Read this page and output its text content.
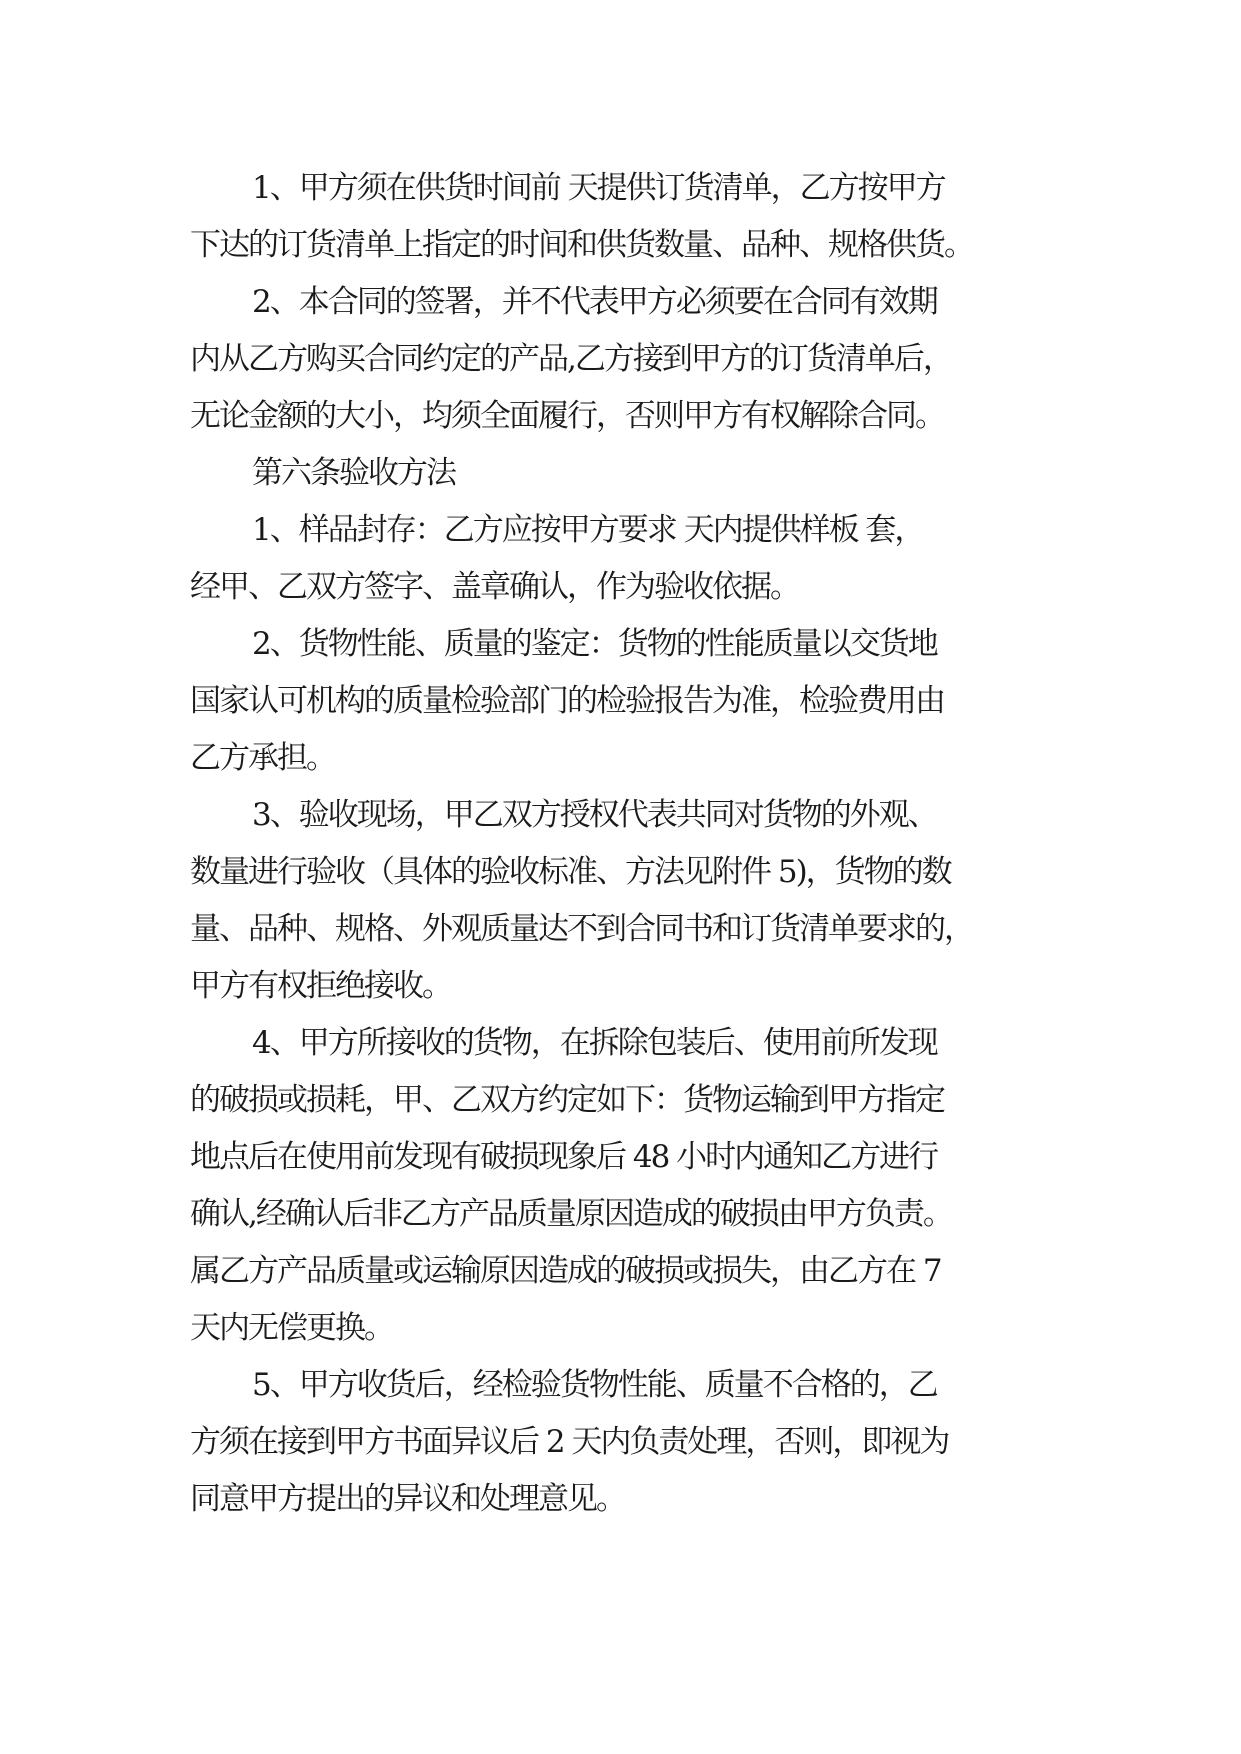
1、甲方须在供货时间前 天提供订货清单，乙方按甲方
下达的订货清单上指定的时间和供货数量、品种、规格供货。
2、本合同的签署，并不代表甲方必须要在合同有效期
内从乙方购买合同约定的产品,乙方接到甲方的订货清单后，
无论金额的大小，均须全面履行，否则甲方有权解除合同。
第六条验收方法
1、样品封存：乙方应按甲方要求 天内提供样板 套，
经甲、乙双方签字、盖章确认，作为验收依据。
2、货物性能、质量的鉴定：货物的性能质量以交货地
国家认可机构的质量检验部门的检验报告为准，检验费用由
乙方承担。
3、验收现场，甲乙双方授权代表共同对货物的外观、
数量进行验收（具体的验收标准、方法见附件 5)，货物的数
量、品种、规格、外观质量达不到合同书和订货清单要求的，
甲方有权拒绝接收。
4、甲方所接收的货物，在拆除包装后、使用前所发现
的破损或损耗，甲、乙双方约定如下：货物运输到甲方指定
地点后在使用前发现有破损现象后 48 小时内通知乙方进行
确认,经确认后非乙方产品质量原因造成的破损由甲方负责。
属乙方产品质量或运输原因造成的破损或损失，由乙方在 7
天内无偿更换。
5、甲方收货后，经检验货物性能、质量不合格的，乙
方须在接到甲方书面异议后 2 天内负责处理，否则，即视为
同意甲方提出的异议和处理意见。
